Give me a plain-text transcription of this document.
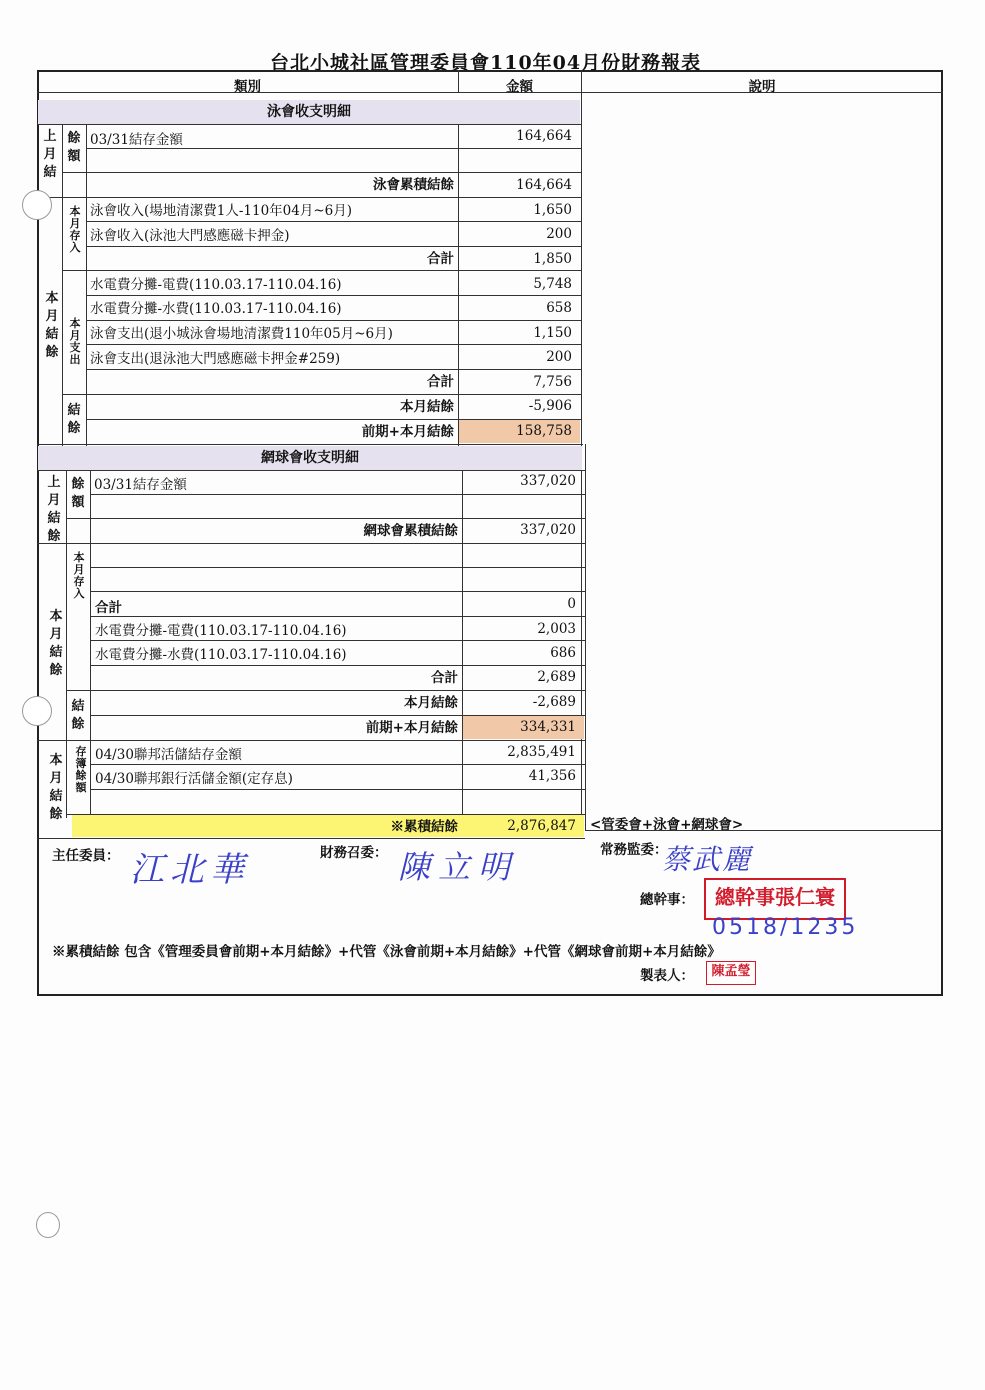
台北小城社區管理委員會110年04月份財務報表
類別	金額	說明
泳會收支明細
上
月
結
餘
額
03/31結存金額	164,664
泳會累積結餘	164,664
本
月
結
餘
本
月
存
入
泳會收入(場地清潔費1人-110年04月~6月)	1,650
泳會收入(泳池大門感應磁卡押金)	200
合計	1,850
本
月
支
出
水電費分攤-電費(110.03.17-110.04.16)	5,748
水電費分攤-水費(110.03.17-110.04.16)	658
泳會支出(退小城泳會場地清潔費110年05月~6月)	1,150
泳會支出(退泳池大門感應磁卡押金#259)	200
合計	7,756
結
餘
本月結餘	-5,906
前期+本月結餘	158,758
網球會收支明細
上
月
結
餘
餘
額
03/31結存金額	337,020
網球會累積結餘	337,020
本
月
結
餘
本
月
存
入
合計	0
水電費分攤-電費(110.03.17-110.04.16)	2,003
水電費分攤-水費(110.03.17-110.04.16)	686
合計	2,689
結
餘
本月結餘	-2,689
前期+本月結餘	334,331
本
月
結
餘
存
簿
餘
額
04/30聯邦活儲結存金額	2,835,491
04/30聯邦銀行活儲金額(定存息)	41,356
※累積結餘	2,876,847 <管委會+泳會+網球會>
主任委員： 江北華	財務召委： 陳立明	常務監委：
蔡武麗
總幹事：	總幹事張仁寰
0518/1235
※累積結餘 包含《管理委員會前期+本月結餘》+代管《泳會前期+本月結餘》+代管《網球會前期+本月結餘》
製表人：	陳孟瑩
